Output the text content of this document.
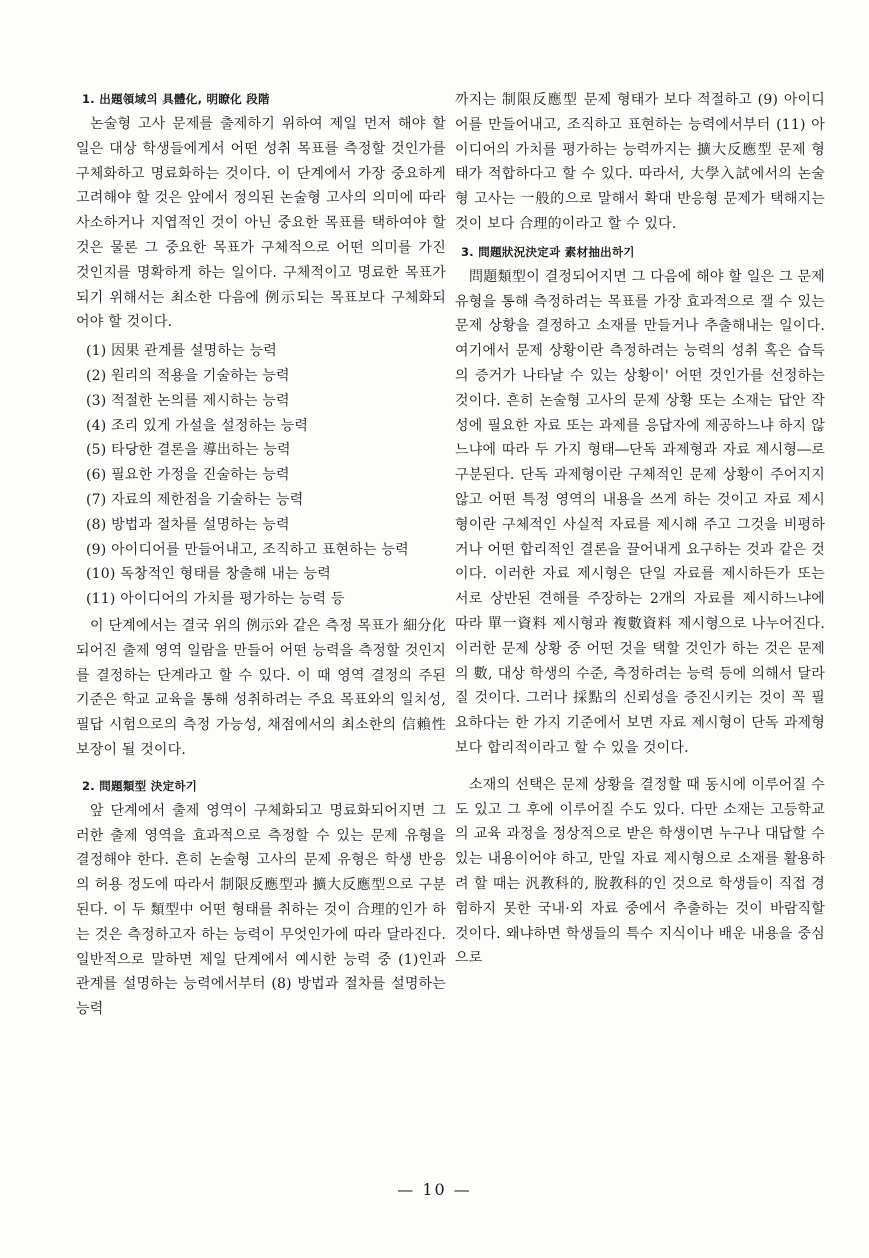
1. 出題領域의 具體化, 明瞭化 段階

논술형 고사 문제를 출제하기 위하여 제일 먼저 해야 할 일은 대상 학생들에게서 어떤 성취 목표를 측정할 것인가를 구체화하고 명료화하는 것이다. 이 단계에서 가장 중요하게 고려해야 할 것은 앞에서 정의된 논술형 고사의 의미에 따라 사소하거나 지엽적인 것이 아닌 중요한 목표를 택하여야 할 것은 물론 그 중요한 목표가 구체적으로 어떤 의미를 가진 것인지를 명확하게 하는 일이다. 구체적이고 명료한 목표가 되기 위해서는 최소한 다음에 例示되는 목표보다 구체화되어야 할 것이다.

(1) 因果 관계를 설명하는 능력
(2) 원리의 적용을 기술하는 능력
(3) 적절한 논의를 제시하는 능력
(4) 조리 있게 가설을 설정하는 능력
(5) 타당한 결론을 導出하는 능력
(6) 필요한 가정을 진술하는 능력
(7) 자료의 제한점을 기술하는 능력
(8) 방법과 절차를 설명하는 능력
(9) 아이디어를 만들어내고, 조직하고 표현하는 능력
(10) 독창적인 형태를 창출해 내는 능력
(11) 아이디어의 가치를 평가하는 능력 등

이 단계에서는 결국 위의 例示와 같은 측정 목표가 細分化되어진 출제 영역 일람을 만들어 어떤 능력을 측정할 것인지를 결정하는 단계라고 할 수 있다. 이 때 영역 결정의 주된 기준은 학교 교육을 통해 성취하려는 주요 목표와의 일치성, 필답 시험으로의 측정 가능성, 채점에서의 최소한의 信賴性 보장이 될 것이다.

2. 問題類型 決定하기

앞 단계에서 출제 영역이 구체화되고 명료화되어지면 그러한 출제 영역을 효과적으로 측정할 수 있는 문제 유형을 결정해야 한다. 흔히 논술형 고사의 문제 유형은 학생 반응의 허용 정도에 따라서 制限反應型과 擴大反應型으로 구분된다. 이 두 類型中 어떤 형태를 취하는 것이 合理的인가 하는 것은 측정하고자 하는 능력이 무엇인가에 따라 달라진다. 일반적으로 말하면 제일 단계에서 예시한 능력 중 (1)인과 관계를 설명하는 능력에서부터 (8) 방법과 절차를 설명하는 능력

까지는 制限反應型 문제 형태가 보다 적절하고 (9) 아이디어를 만들어내고, 조직하고 표현하는 능력에서부터 (11) 아이디어의 가치를 평가하는 능력까지는 擴大反應型 문제 형태가 적합하다고 할 수 있다. 따라서, 大學入試에서의 논술형 고사는 一般的으로 말해서 확대 반응형 문제가 택해지는 것이 보다 合理的이라고 할 수 있다.

3. 問題狀況決定과 素材抽出하기

問題類型이 결정되어지면 그 다음에 해야 할 일은 그 문제 유형을 통해 측정하려는 목표를 가장 효과적으로 잴 수 있는 문제 상황을 결정하고 소재를 만들거나 추출해내는 일이다. 여기에서 문제 상황이란 측정하려는 능력의 성취 혹은 습득의 증거가 나타날 수 있는 상황이' 어떤 것인가를 선정하는 것이다. 흔히 논술형 고사의 문제 상황 또는 소재는 답안 작성에 필요한 자료 또는 과제를 응답자에 제공하느냐 하지 않느냐에 따라 두 가지 형태―단독 과제형과 자료 제시형―로 구분된다. 단독 과제형이란 구체적인 문제 상황이 주어지지 않고 어떤 특정 영역의 내용을 쓰게 하는 것이고 자료 제시형이란 구체적인 사실적 자료를 제시해 주고 그것을 비평하거나 어떤 합리적인 결론을 끌어내게 요구하는 것과 같은 것이다. 이러한 자료 제시형은 단일 자료를 제시하든가 또는 서로 상반된 견해를 주장하는 2개의 자료를 제시하느냐에 따라 單一資料 제시형과 複數資料 제시형으로 나누어진다. 이러한 문제 상황 중 어떤 것을 택할 것인가 하는 것은 문제의 數, 대상 학생의 수준, 측정하려는 능력 등에 의해서 달라질 것이다. 그러나 採點의 신뢰성을 증진시키는 것이 꼭 필요하다는 한 가지 기준에서 보면 자료 제시형이 단독 과제형보다 합리적이라고 할 수 있을 것이다.

소재의 선택은 문제 상황을 결정할 때 동시에 이루어질 수도 있고 그 후에 이루어질 수도 있다. 다만 소재는 고등학교의 교육 과정을 정상적으로 받은 학생이면 누구나 대답할 수 있는 내용이어야 하고, 만일 자료 제시형으로 소재를 활용하려 할 때는 汎教科的, 脫教科的인 것으로 학생들이 직접 경험하지 못한 국내·외 자료 중에서 추출하는 것이 바람직할 것이다. 왜냐하면 학생들의 특수 지식이나 배운 내용을 중심으로

— 10 —
